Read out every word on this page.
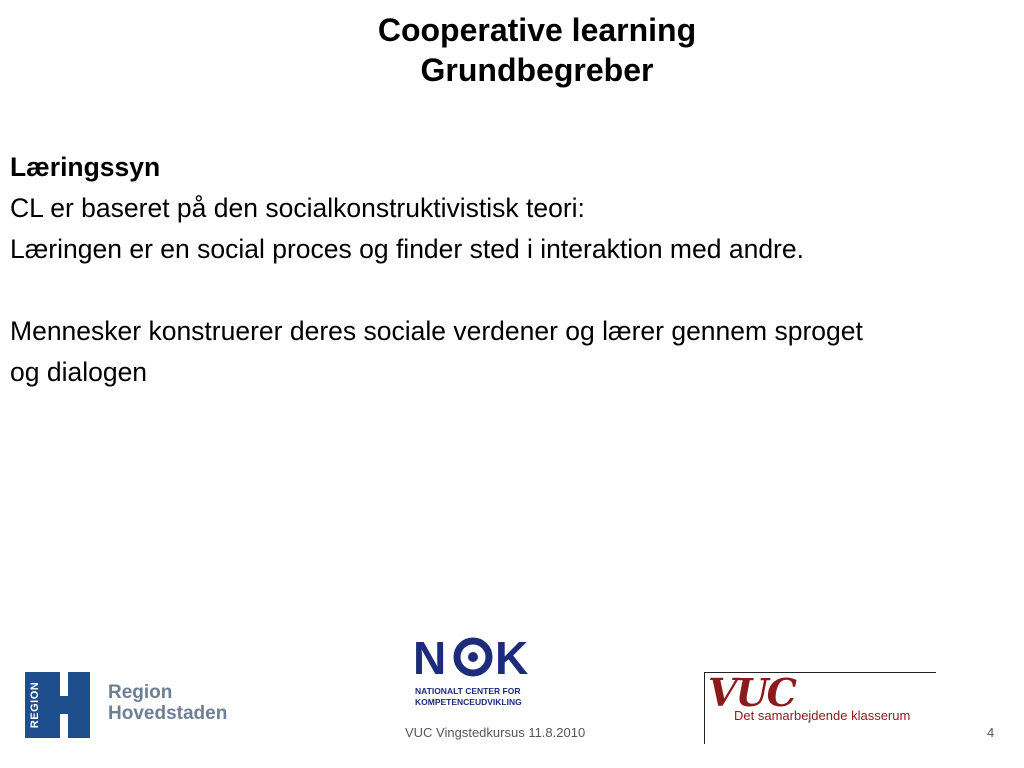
Cooperative learning
Grundbegreber

Læringssyn

CL er baseret på den socialkonstruktivistisk teori:

Læringen er en social proces og finder sted i interaktion med andre.

Mennesker konstruerer deres sociale verdener og lærer gennem sproget

og dialogen

REGION	Region
Hovedstaden
N K
NATIONALT CENTER FOR
KOMPETENCEUDVIKLING	VUC
Det samarbejdende klasserum
VUC Vingstedkursus 11.8.2010	4
